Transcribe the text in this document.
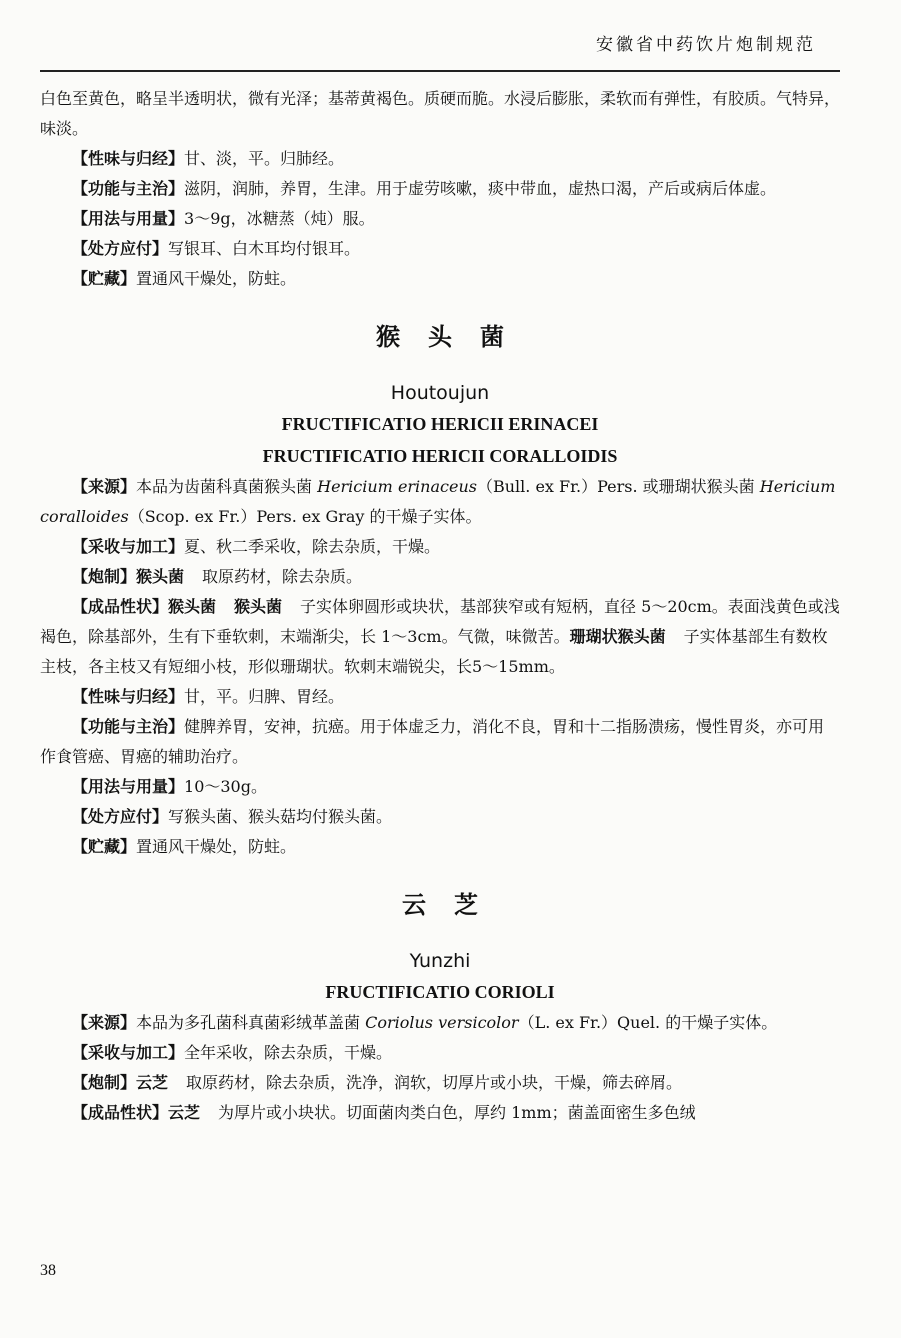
安徽省中药饮片炮制规范

白色至黄色，略呈半透明状，微有光泽；基蒂黄褐色。质硬而脆。水浸后膨胀，柔软而有弹性，有胶质。气特异，味淡。

【性味与归经】甘、淡，平。归肺经。

【功能与主治】滋阴，润肺，养胃，生津。用于虚劳咳嗽，痰中带血，虚热口渴，产后或病后体虚。

【用法与用量】3～9g，冰糖蒸（炖）服。

【处方应付】写银耳、白木耳均付银耳。

【贮藏】置通风干燥处，防蛀。

猴头菌
Houtoujun
FRUCTIFICATIO HERICII ERINACEI
FRUCTIFICATIO HERICII CORALLOIDIS

【来源】本品为齿菌科真菌猴头菌 Hericium erinaceus（Bull. ex Fr.）Pers. 或珊瑚状猴头菌 Hericium coralloides（Scop. ex Fr.）Pers. ex Gray 的干燥子实体。

【采收与加工】夏、秋二季采收，除去杂质，干燥。

【炮制】猴头菌 取原药材，除去杂质。

【成品性状】猴头菌 猴头菌 子实体卵圆形或块状，基部狭窄或有短柄，直径 5～20cm。表面浅黄色或浅褐色，除基部外，生有下垂软刺，末端渐尖，长 1～3cm。气微，味微苦。珊瑚状猴头菌 子实体基部生有数枚主枝，各主枝又有短细小枝，形似珊瑚状。软刺末端锐尖，长5～15mm。

【性味与归经】甘，平。归脾、胃经。

【功能与主治】健脾养胃，安神，抗癌。用于体虚乏力，消化不良，胃和十二指肠溃疡，慢性胃炎，亦可用作食管癌、胃癌的辅助治疗。

【用法与用量】10～30g。

【处方应付】写猴头菌、猴头菇均付猴头菌。

【贮藏】置通风干燥处，防蛀。

云芝
Yunzhi
FRUCTIFICATIO CORIOLI

【来源】本品为多孔菌科真菌彩绒革盖菌 Coriolus versicolor（L. ex Fr.）Quel. 的干燥子实体。

【采收与加工】全年采收，除去杂质，干燥。

【炮制】云芝 取原药材，除去杂质，洗净，润软，切厚片或小块，干燥，筛去碎屑。

【成品性状】云芝 为厚片或小块状。切面菌肉类白色，厚约 1mm；菌盖面密生多色绒

38
